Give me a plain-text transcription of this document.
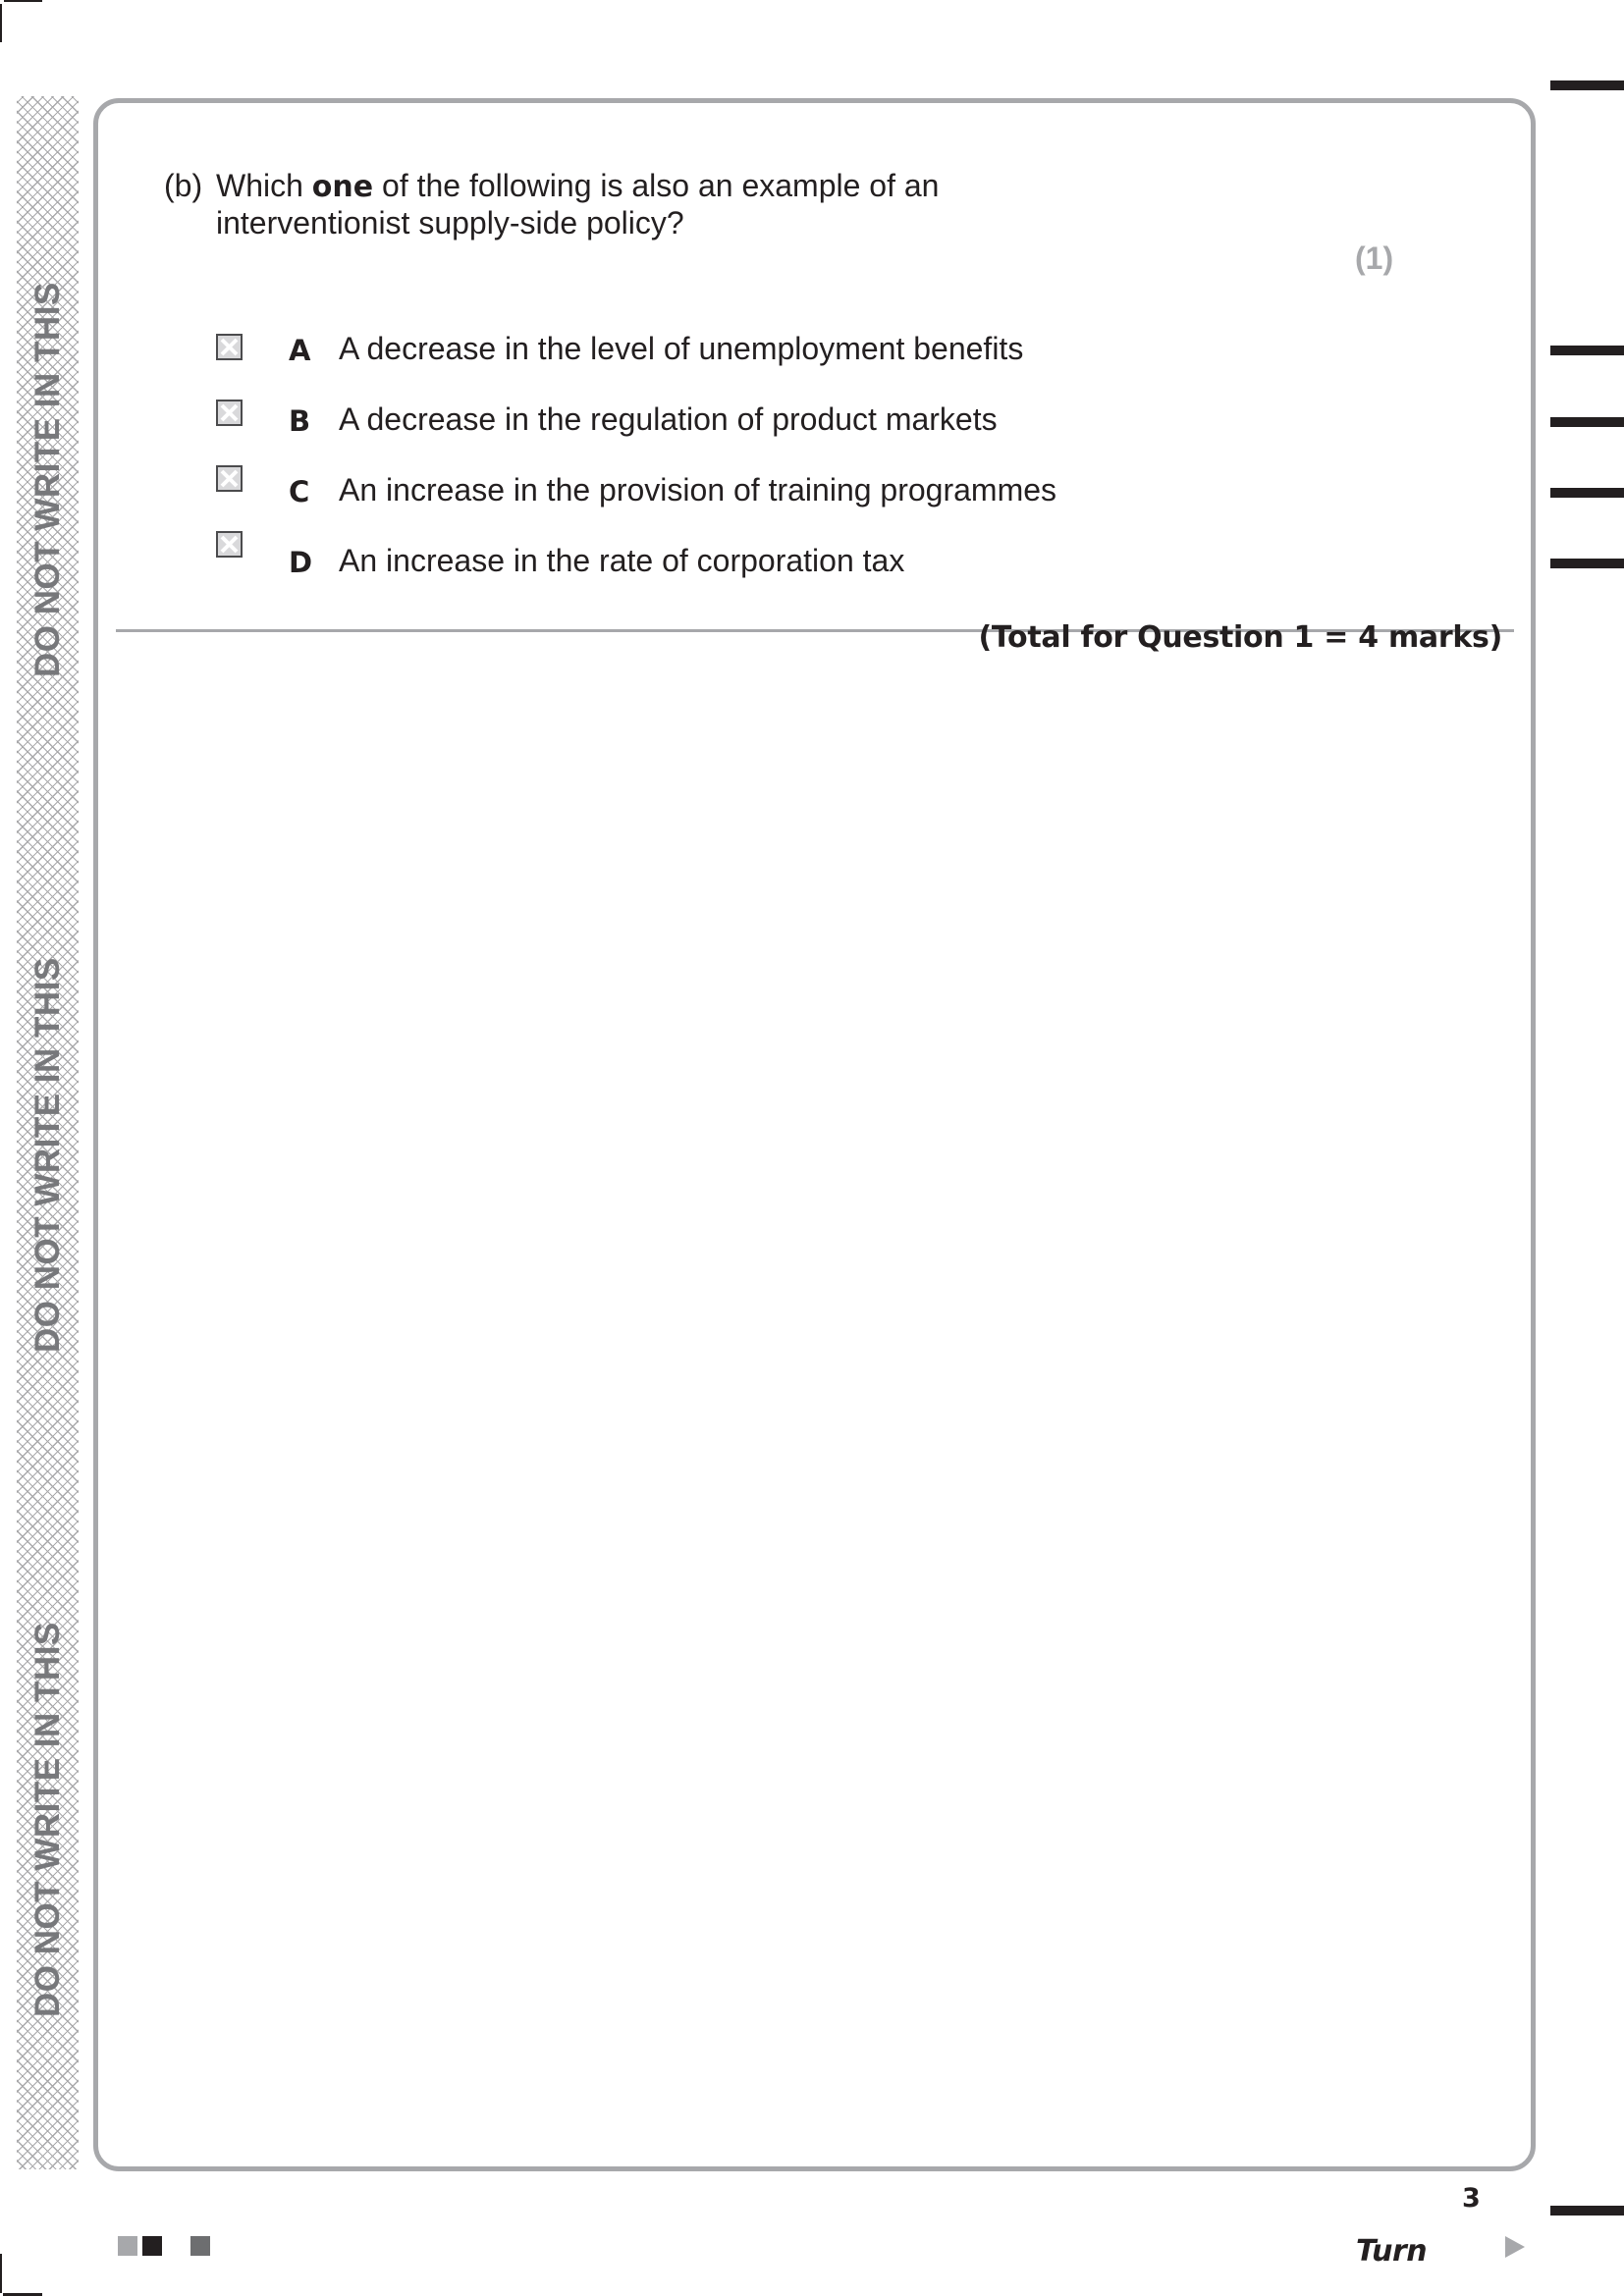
DO NOT WRITE IN THIS
DO NOT WRITE IN THIS
DO NOT WRITE IN THIS
(b) Which one of the following is also an example of an
interventionist supply-side policy?
(1)
A A decrease in the level of unemployment benefits
B A decrease in the regulation of product markets
C An increase in the provision of training programmes
D An increase in the rate of corporation tax
(Total for Question 1 = 4 marks)
3
Turn
